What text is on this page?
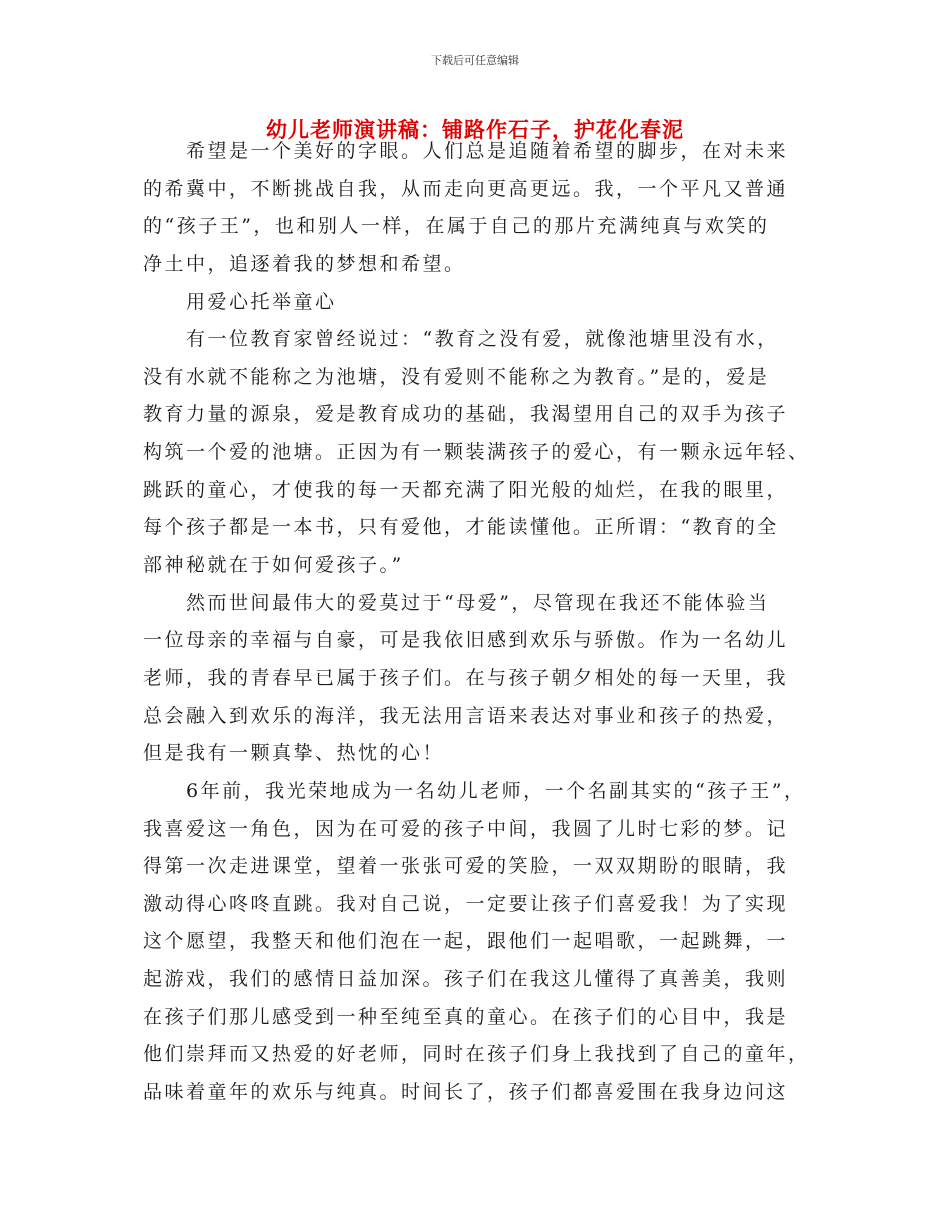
下载后可任意编辑
幼儿老师演讲稿：铺路作石子，护花化春泥
　　希望是一个美好的字眼。人们总是追随着希望的脚步，在对未来
的希冀中，不断挑战自我，从而走向更高更远。我，一个平凡又普通
的“孩子王”，也和别人一样，在属于自己的那片充满纯真与欢笑的
净土中，追逐着我的梦想和希望。
　　用爱心托举童心
　　有一位教育家曾经说过：“教育之没有爱，就像池塘里没有水，
没有水就不能称之为池塘，没有爱则不能称之为教育。”是的，爱是
教育力量的源泉，爱是教育成功的基础，我渴望用自己的双手为孩子
构筑一个爱的池塘。正因为有一颗装满孩子的爱心，有一颗永远年轻、
跳跃的童心，才使我的每一天都充满了阳光般的灿烂，在我的眼里，
每个孩子都是一本书，只有爱他，才能读懂他。正所谓：“教育的全
部神秘就在于如何爱孩子。”
　　然而世间最伟大的爱莫过于“母爱”，尽管现在我还不能体验当
一位母亲的幸福与自豪，可是我依旧感到欢乐与骄傲。作为一名幼儿
老师，我的青春早已属于孩子们。在与孩子朝夕相处的每一天里，我
总会融入到欢乐的海洋，我无法用言语来表达对事业和孩子的热爱，
但是我有一颗真挚、热忱的心！
　　6年前，我光荣地成为一名幼儿老师，一个名副其实的“孩子王”，
我喜爱这一角色，因为在可爱的孩子中间，我圆了儿时七彩的梦。记
得第一次走进课堂，望着一张张可爱的笑脸，一双双期盼的眼睛，我
激动得心咚咚直跳。我对自己说，一定要让孩子们喜爱我！为了实现
这个愿望，我整天和他们泡在一起，跟他们一起唱歌，一起跳舞，一
起游戏，我们的感情日益加深。孩子们在我这儿懂得了真善美，我则
在孩子们那儿感受到一种至纯至真的童心。在孩子们的心目中，我是
他们崇拜而又热爱的好老师，同时在孩子们身上我找到了自己的童年，
品味着童年的欢乐与纯真。时间长了，孩子们都喜爱围在我身边问这
